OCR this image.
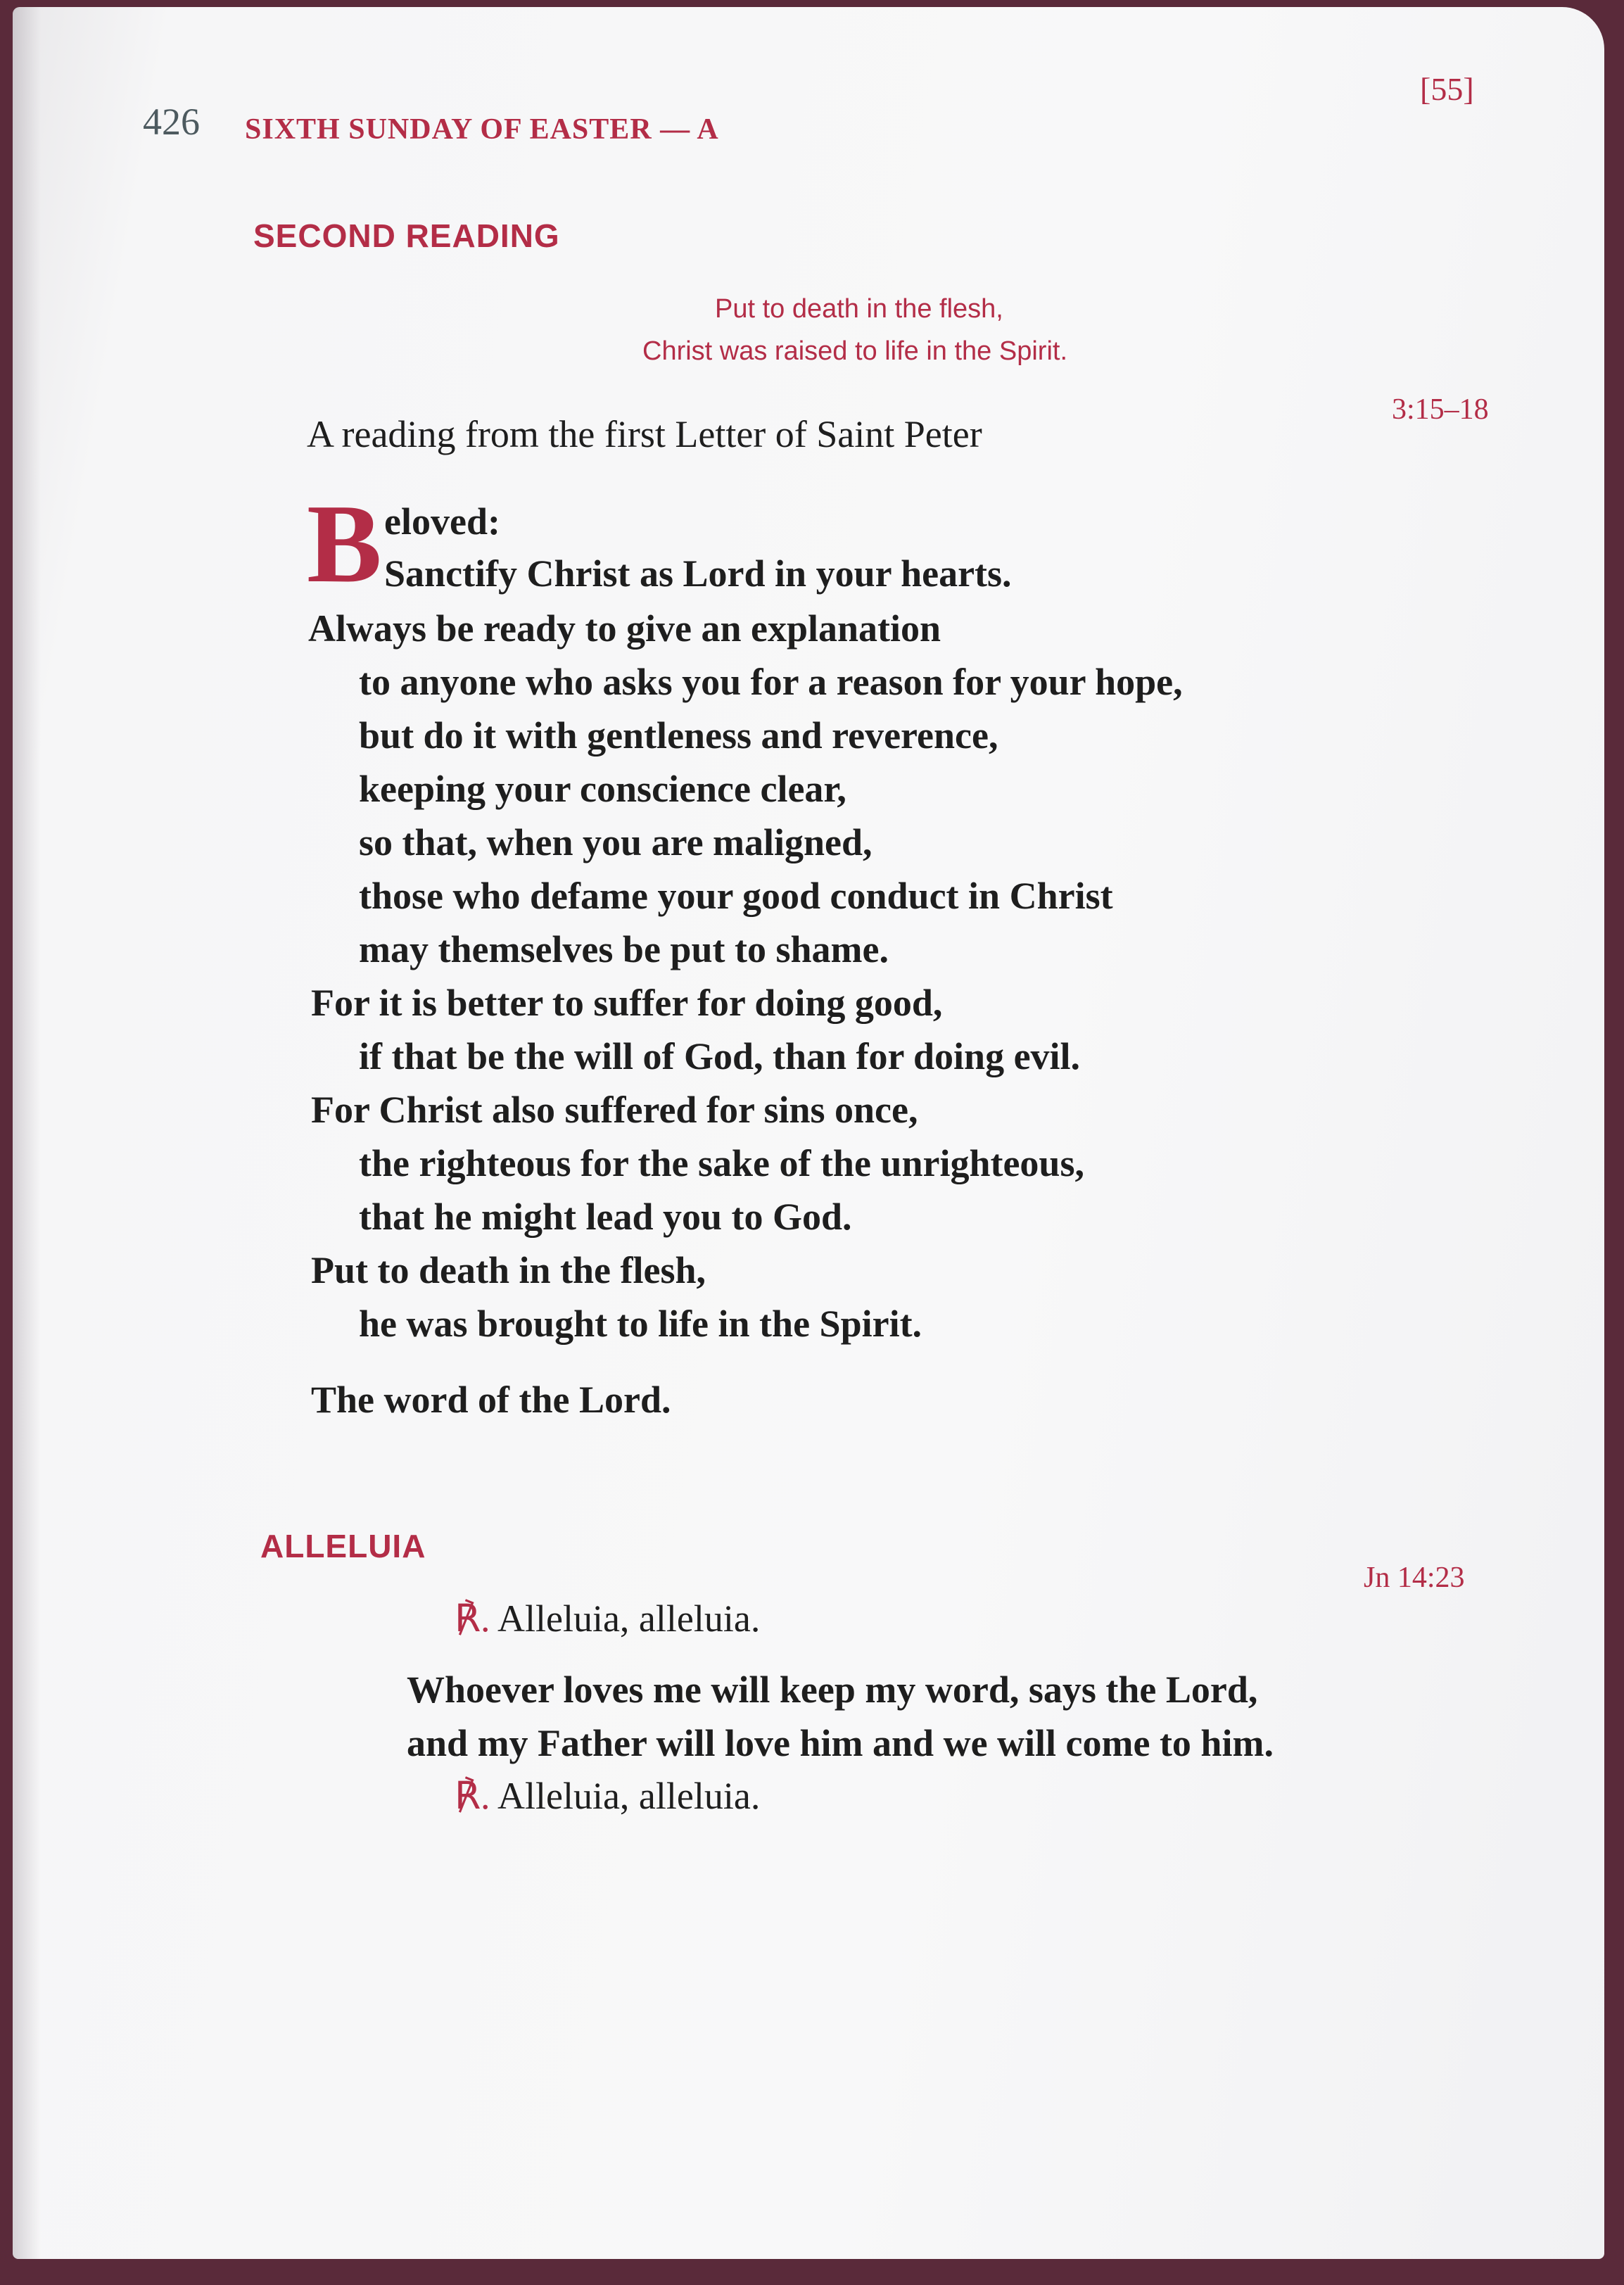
426 SIXTH SUNDAY OF EASTER — A
[55]
SECOND READING
Put to death in the flesh,
Christ was raised to life in the Spirit.
3:15–18
A reading from the first Letter of Saint Peter
B eloved:
Sanctify Christ as Lord in your hearts.
Always be ready to give an explanation
to anyone who asks you for a reason for your hope,
but do it with gentleness and reverence,
keeping your conscience clear,
so that, when you are maligned,
those who defame your good conduct in Christ
may themselves be put to shame.
For it is better to suffer for doing good,
if that be the will of God, than for doing evil.
For Christ also suffered for sins once,
the righteous for the sake of the unrighteous,
that he might lead you to God.
Put to death in the flesh,
he was brought to life in the Spirit.
The word of the Lord.
ALLELUIA
Jn 14:23
℟. Alleluia, alleluia.
Whoever loves me will keep my word, says the Lord,
and my Father will love him and we will come to him.
℟. Alleluia, alleluia.
